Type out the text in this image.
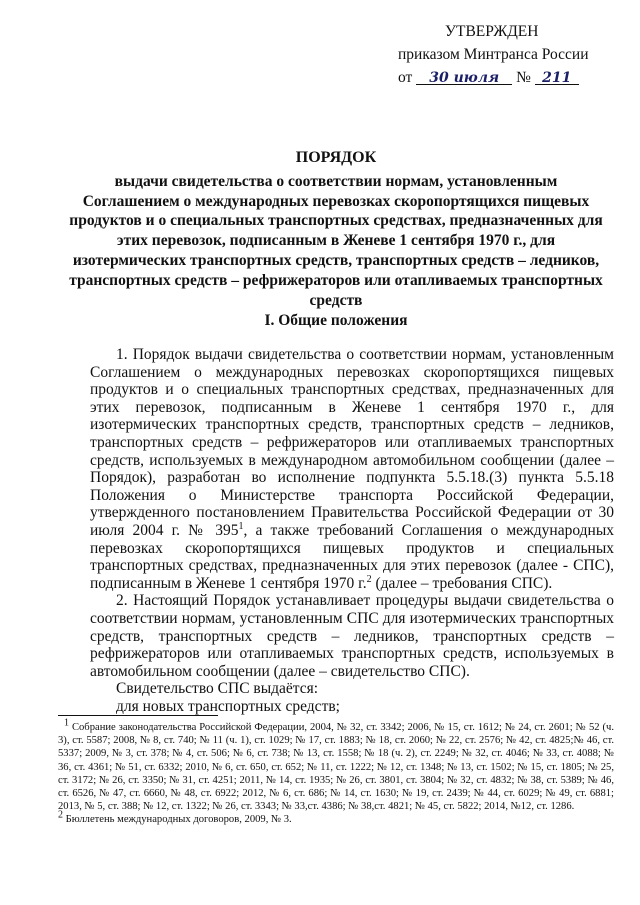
УТВЕРЖДЕН
приказом Минтранса России
от 30 июля № 211
ПОРЯДОК
выдачи свидетельства о соответствии нормам, установленным
Соглашением о международных перевозках скоропортящихся пищевых
продуктов и о специальных транспортных средствах, предназначенных для
этих перевозок, подписанным в Женеве 1 сентября 1970 г., для
изотермических транспортных средств, транспортных средств – ледников,
транспортных средств – рефрижераторов или отапливаемых транспортных
средств
I. Общие положения

1. Порядок выдачи свидетельства о соответствии нормам, установленным Соглашением о международных перевозках скоропортящихся пищевых продуктов и о специальных транспортных средствах, предназначенных для этих перевозок, подписанным в Женеве 1 сентября 1970 г., для изотермических транспортных средств, транспортных средств – ледников, транспортных средств – рефрижераторов или отапливаемых транспортных средств, используемых в международном автомобильном сообщении (далее – Порядок), разработан во исполнение подпункта 5.5.18.(3) пункта 5.5.18 Положения о Министерстве транспорта Российской Федерации, утвержденного постановлением Правительства Российской Федерации от 30 июля 2004 г. № $395^1$, а также требований Соглашения о международных перевозках скоропортящихся пищевых продуктов и специальных транспортных средствах, предназначенных для этих перевозок (далее - СПС), подписанным в Женеве 1 сентября 1970 г.$^2$ (далее – требования СПС).

2. Настоящий Порядок устанавливает процедуры выдачи свидетельства о соответствии нормам, установленным СПС для изотермических транспортных средств, транспортных средств – ледников, транспортных средств – рефрижераторов или отапливаемых транспортных средств, используемых в автомобильном сообщении (далее – свидетельство СПС).

Свидетельство СПС выдаётся:

для новых транспортных средств;

$^1$ Собрание законодательства Российской Федерации, 2004, № 32, ст. 3342; 2006, № 15, ст. 1612; № 24, ст. 2601; № 52 (ч. 3), ст. 5587; 2008, № 8, ст. 740; № 11 (ч. 1), ст. 1029; № 17, ст. 1883; № 18, ст. 2060; № 22, ст. 2576; № 42, ст. 4825;№ 46, ст. 5337; 2009, № 3, ст. 378; № 4, ст. 506; № 6, ст. 738; № 13, ст. 1558; № 18 (ч. 2), ст. 2249; № 32, ст. 4046; № 33, ст. 4088; № 36, ст. 4361; № 51, ст. 6332; 2010, № 6, ст. 650, ст. 652; № 11, ст. 1222; № 12, ст. 1348; № 13, ст. 1502; № 15, ст. 1805; № 25, ст. 3172; № 26, ст. 3350; № 31, ст. 4251; 2011, № 14, ст. 1935; № 26, ст. 3801, ст. 3804; № 32, ст. 4832; № 38, ст. 5389; № 46, ст. 6526, № 47, ст. 6660, № 48, ст. 6922; 2012, № 6, ст. 686; № 14, ст. 1630; № 19, ст. 2439; № 44, ст. 6029; № 49, ст. 6881; 2013, № 5, ст. 388; № 12, ст. 1322; № 26, ст. 3343; № 33,ст. 4386; № 38,ст. 4821; № 45, ст. 5822; 2014, №12, ст. 1286.

$^2$ Бюллетень международных договоров, 2009, № 3.
